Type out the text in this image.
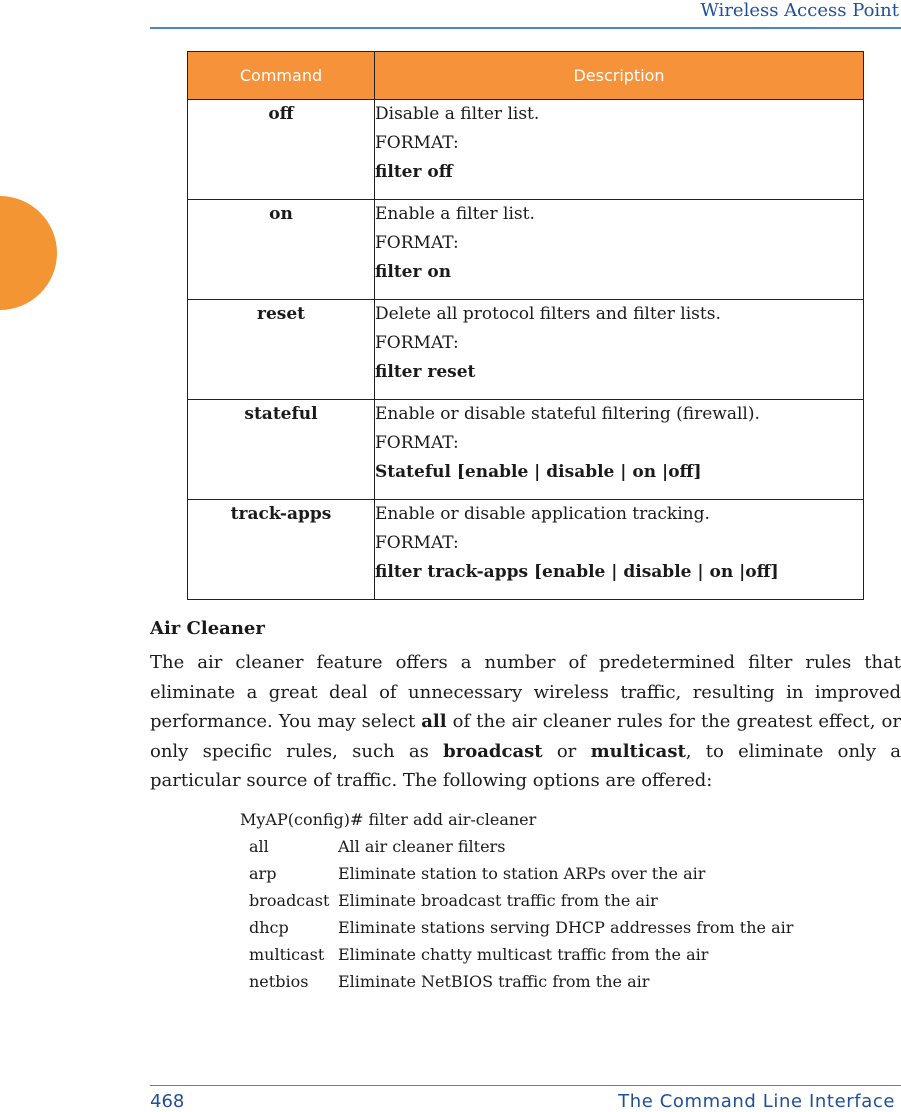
Wireless Access Point
Command	Description
off	Disable a filter list.
FORMAT:
filter off

on	Enable a filter list.
FORMAT:
filter on

reset	Delete all protocol filters and filter lists.
FORMAT:
filter reset

stateful	Enable or disable stateful filtering (firewall).
FORMAT:
Stateful [enable | disable | on |off]

track-apps	Enable or disable application tracking.
FORMAT:
filter track-apps [enable | disable | on |off]
Air Cleaner

The air cleaner feature offers a number of predetermined filter rules that eliminate a great deal of unnecessary wireless traffic, resulting in improved performance. You may select all of the air cleaner rules for the greatest effect, or only specific rules, such as broadcast or multicast, to eliminate only a particular source of traffic. The following options are offered:

MyAP(config)# filter add air-cleaner
all	All air cleaner filters
arp	Eliminate station to station ARPs over the air
broadcast Eliminate broadcast traffic from the air
dhcp	Eliminate stations serving DHCP addresses from the air
multicast Eliminate chatty multicast traffic from the air
netbios	Eliminate NetBIOS traffic from the air
468	The Command Line Interface
